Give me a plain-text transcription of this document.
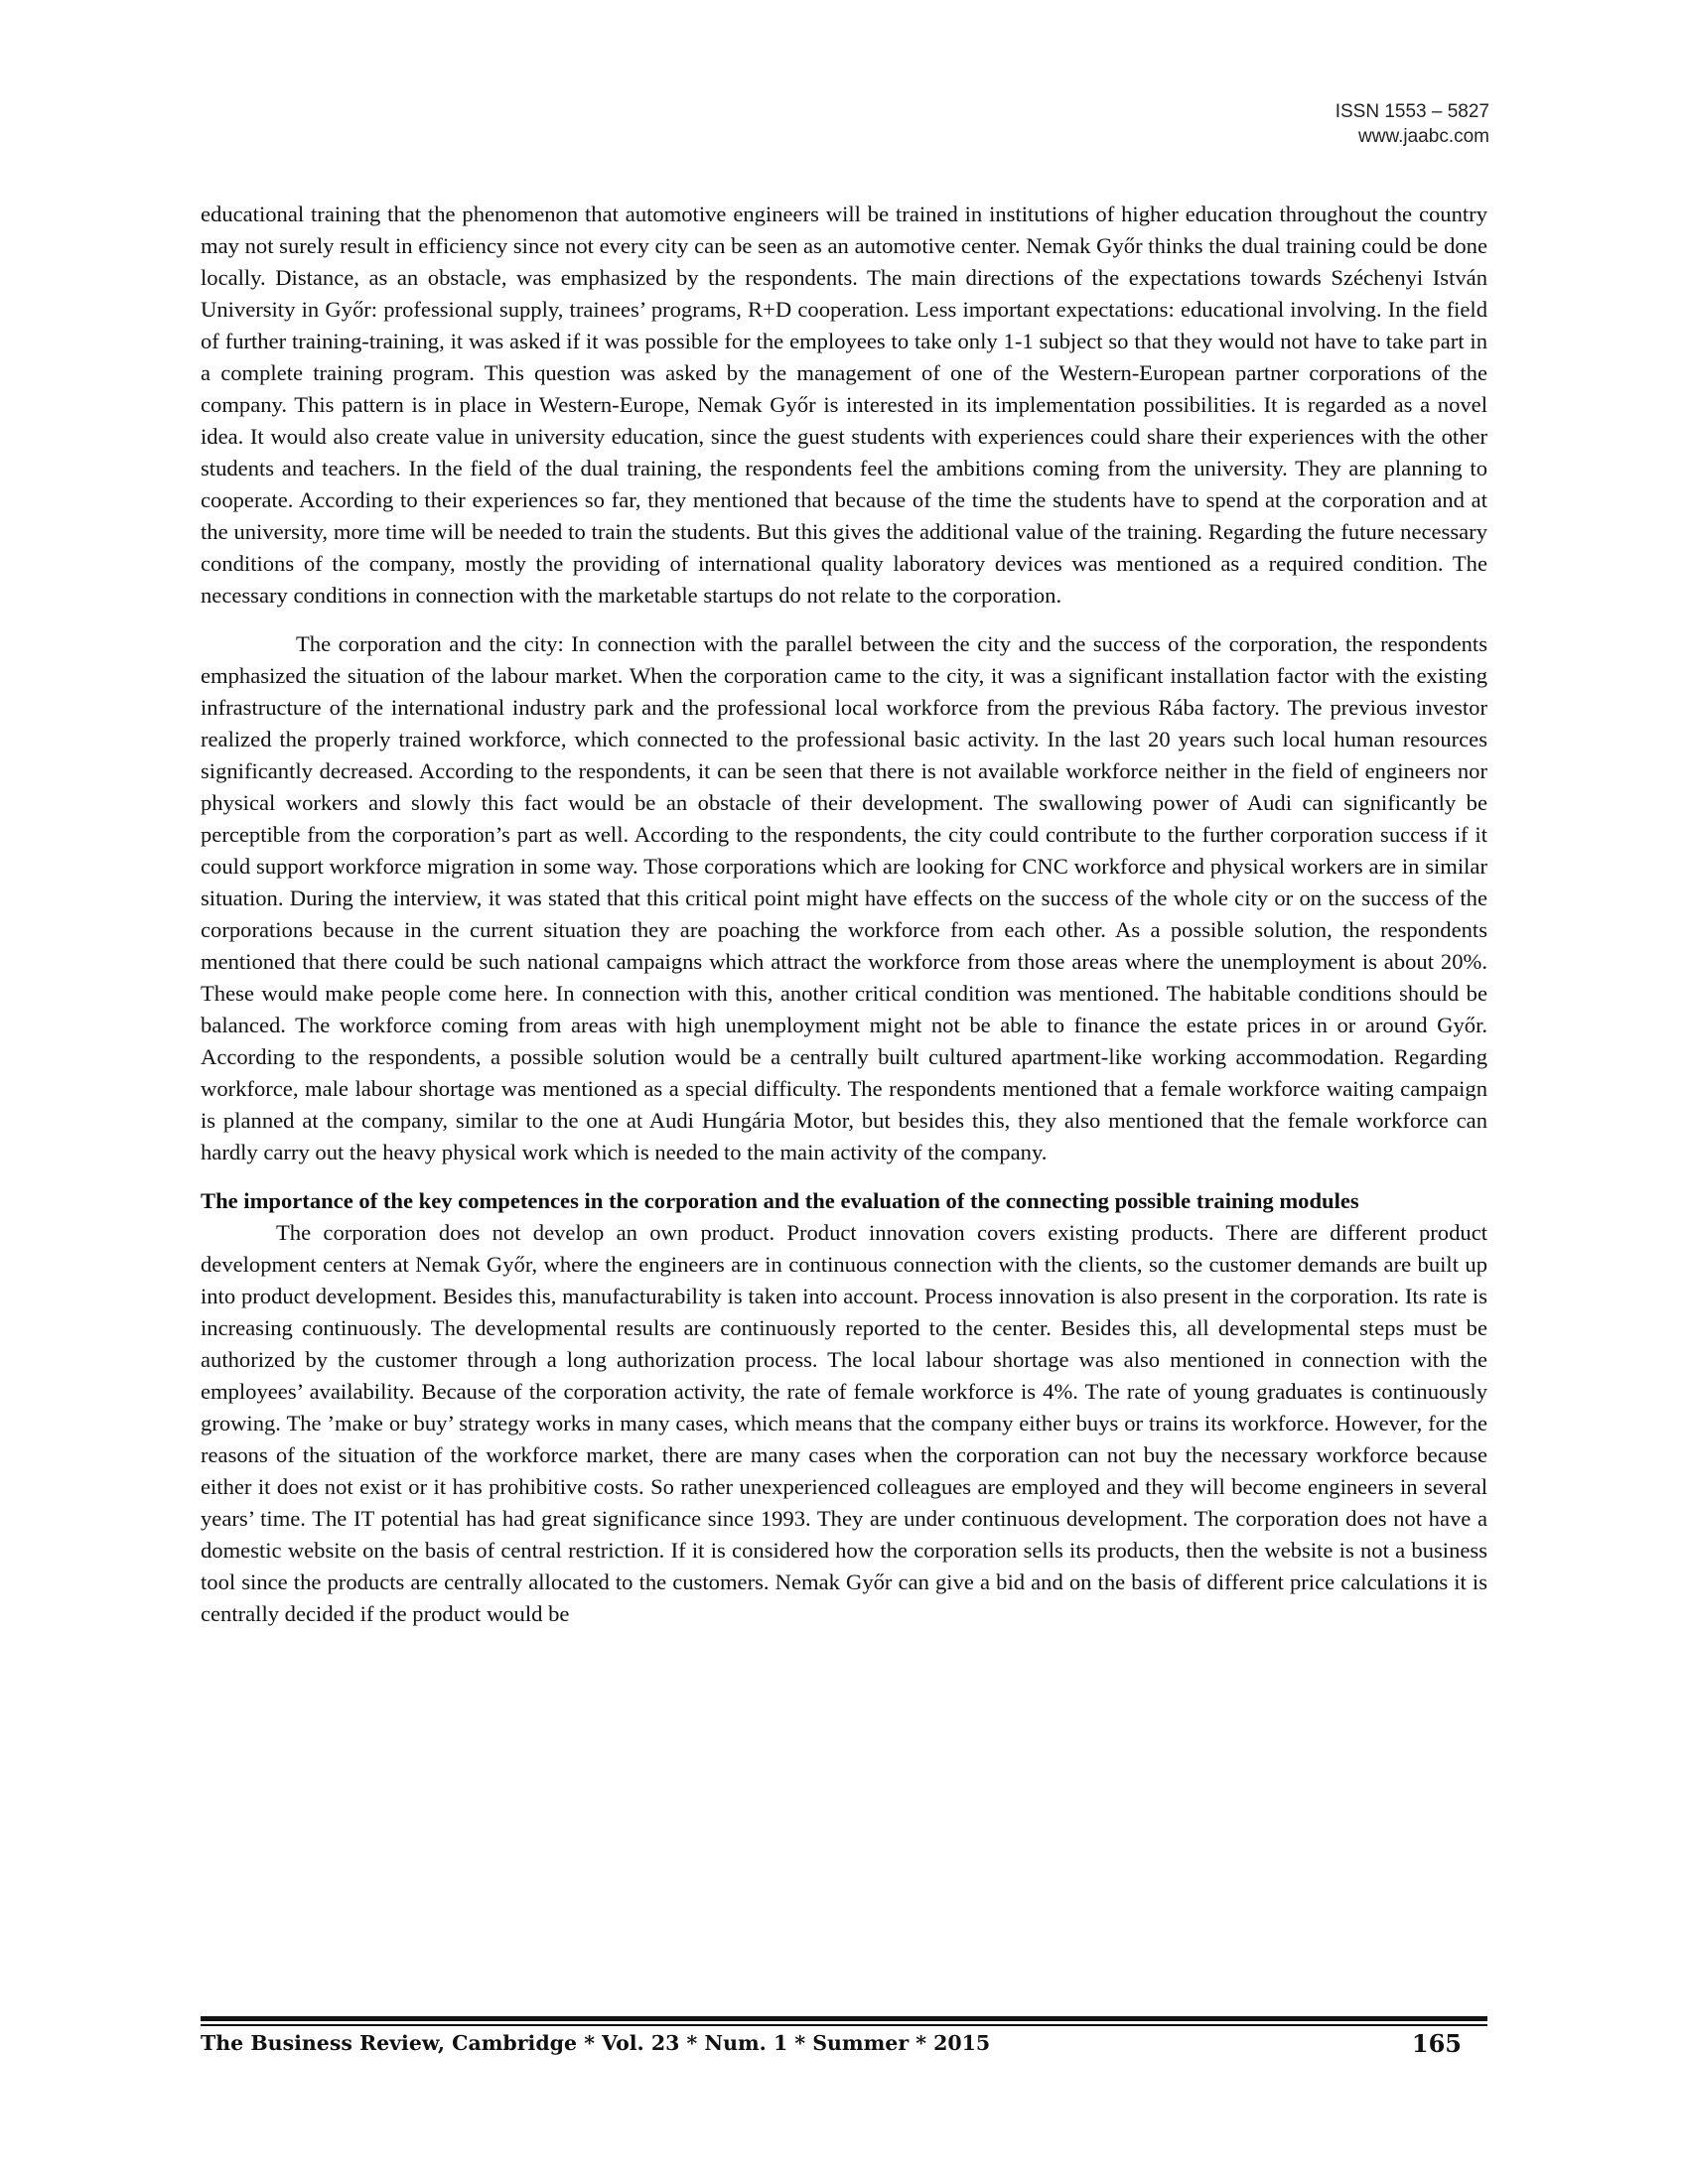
ISSN 1553 – 5827
www.jaabc.com

educational training that the phenomenon that automotive engineers will be trained in institutions of higher education throughout the country may not surely result in efficiency since not every city can be seen as an automotive center. Nemak Győr thinks the dual training could be done locally. Distance, as an obstacle, was emphasized by the respondents. The main directions of the expectations towards Széchenyi István University in Győr: professional supply, trainees’ programs, R+D cooperation. Less important expectations: educational involving. In the field of further training-training, it was asked if it was possible for the employees to take only 1-1 subject so that they would not have to take part in a complete training program. This question was asked by the management of one of the Western-European partner corporations of the company. This pattern is in place in Western-Europe, Nemak Győr is interested in its implementation possibilities. It is regarded as a novel idea. It would also create value in university education, since the guest students with experiences could share their experiences with the other students and teachers. In the field of the dual training, the respondents feel the ambitions coming from the university. They are planning to cooperate. According to their experiences so far, they mentioned that because of the time the students have to spend at the corporation and at the university, more time will be needed to train the students. But this gives the additional value of the training. Regarding the future necessary conditions of the company, mostly the providing of international quality laboratory devices was mentioned as a required condition. The necessary conditions in connection with the marketable startups do not relate to the corporation.

The corporation and the city: In connection with the parallel between the city and the success of the corporation, the respondents emphasized the situation of the labour market. When the corporation came to the city, it was a significant installation factor with the existing infrastructure of the international industry park and the professional local workforce from the previous Rába factory. The previous investor realized the properly trained workforce, which connected to the professional basic activity. In the last 20 years such local human resources significantly decreased. According to the respondents, it can be seen that there is not available workforce neither in the field of engineers nor physical workers and slowly this fact would be an obstacle of their development. The swallowing power of Audi can significantly be perceptible from the corporation’s part as well. According to the respondents, the city could contribute to the further corporation success if it could support workforce migration in some way. Those corporations which are looking for CNC workforce and physical workers are in similar situation. During the interview, it was stated that this critical point might have effects on the success of the whole city or on the success of the corporations because in the current situation they are poaching the workforce from each other. As a possible solution, the respondents mentioned that there could be such national campaigns which attract the workforce from those areas where the unemployment is about 20%. These would make people come here. In connection with this, another critical condition was mentioned. The habitable conditions should be balanced. The workforce coming from areas with high unemployment might not be able to finance the estate prices in or around Győr. According to the respondents, a possible solution would be a centrally built cultured apartment-like working accommodation. Regarding workforce, male labour shortage was mentioned as a special difficulty. The respondents mentioned that a female workforce waiting campaign is planned at the company, similar to the one at Audi Hungária Motor, but besides this, they also mentioned that the female workforce can hardly carry out the heavy physical work which is needed to the main activity of the company.

The importance of the key competences in the corporation and the evaluation of the connecting possible training modules

The corporation does not develop an own product. Product innovation covers existing products. There are different product development centers at Nemak Győr, where the engineers are in continuous connection with the clients, so the customer demands are built up into product development. Besides this, manufacturability is taken into account. Process innovation is also present in the corporation. Its rate is increasing continuously. The developmental results are continuously reported to the center. Besides this, all developmental steps must be authorized by the customer through a long authorization process. The local labour shortage was also mentioned in connection with the employees’ availability. Because of the corporation activity, the rate of female workforce is 4%. The rate of young graduates is continuously growing. The ’make or buy’ strategy works in many cases, which means that the company either buys or trains its workforce. However, for the reasons of the situation of the workforce market, there are many cases when the corporation can not buy the necessary workforce because either it does not exist or it has prohibitive costs. So rather unexperienced colleagues are employed and they will become engineers in several years’ time. The IT potential has had great significance since 1993. They are under continuous development. The corporation does not have a domestic website on the basis of central restriction. If it is considered how the corporation sells its products, then the website is not a business tool since the products are centrally allocated to the customers. Nemak Győr can give a bid and on the basis of different price calculations it is centrally decided if the product would be

The Business Review, Cambridge * Vol. 23 * Num. 1 * Summer * 2015	165
